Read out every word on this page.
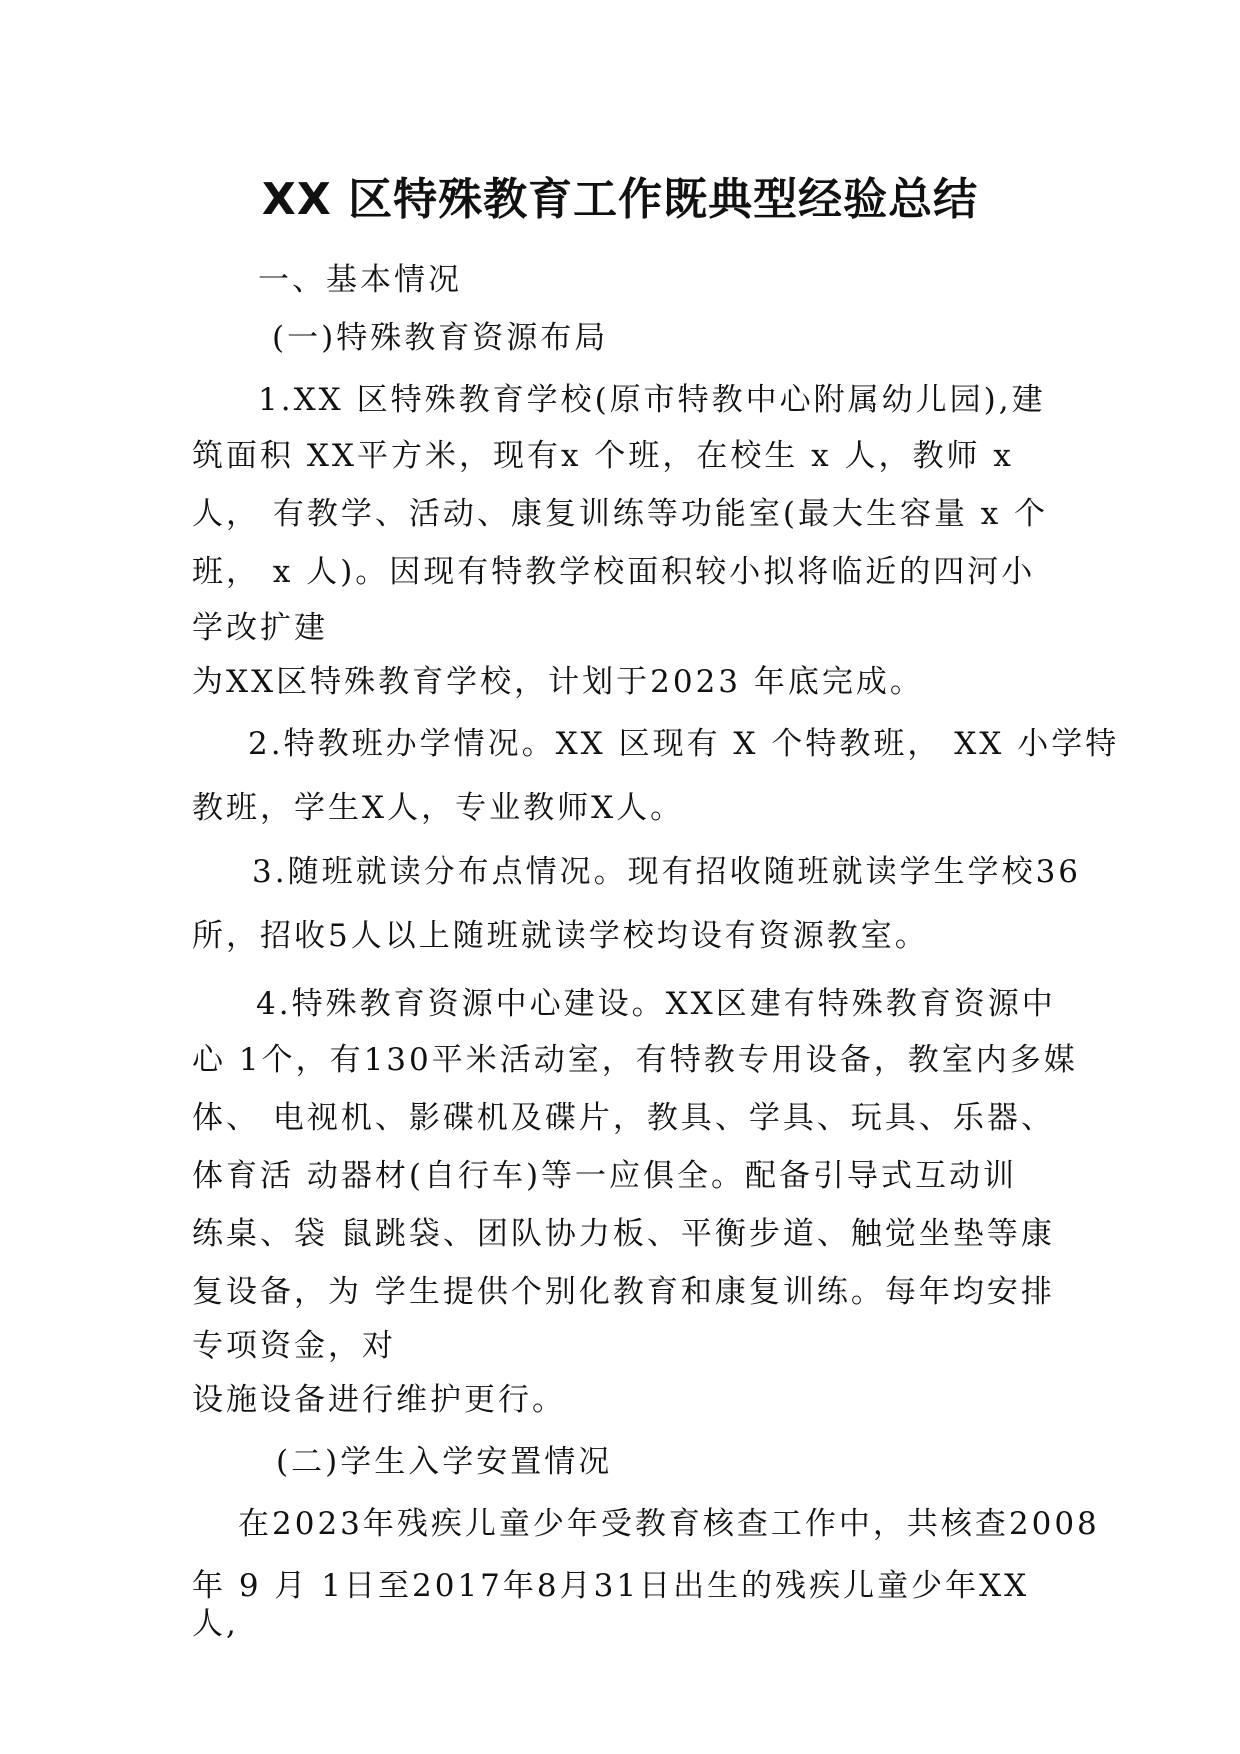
XX 区特殊教育工作既典型经验总结
一、基本情况
(一)特殊教育资源布局
1.XX 区特殊教育学校(原市特教中心附属幼儿园),建
筑面积 XX平方米，现有x 个班，在校生 x 人，教师 x
人， 有教学、活动、康复训练等功能室(最大生容量 x 个
班， x 人)。因现有特教学校面积较小拟将临近的四河小
学改扩建
为XX区特殊教育学校，计划于2023 年底完成。
2.特教班办学情况。XX 区现有 X 个特教班， XX 小学特
教班，学生X人，专业教师X人。
3.随班就读分布点情况。现有招收随班就读学生学校36
所，招收5人以上随班就读学校均设有资源教室。
4.特殊教育资源中心建设。XX区建有特殊教育资源中
心 1个，有130平米活动室，有特教专用设备，教室内多媒
体、 电视机、影碟机及碟片，教具、学具、玩具、乐器、
体育活 动器材(自行车)等一应俱全。配备引导式互动训
练桌、袋 鼠跳袋、团队协力板、平衡步道、触觉坐垫等康
复设备，为 学生提供个别化教育和康复训练。每年均安排
专项资金，对
设施设备进行维护更行。
(二)学生入学安置情况
在2023年残疾儿童少年受教育核查工作中，共核查2008
年 9 月 1日至2017年8月31日出生的残疾儿童少年XX
人,
